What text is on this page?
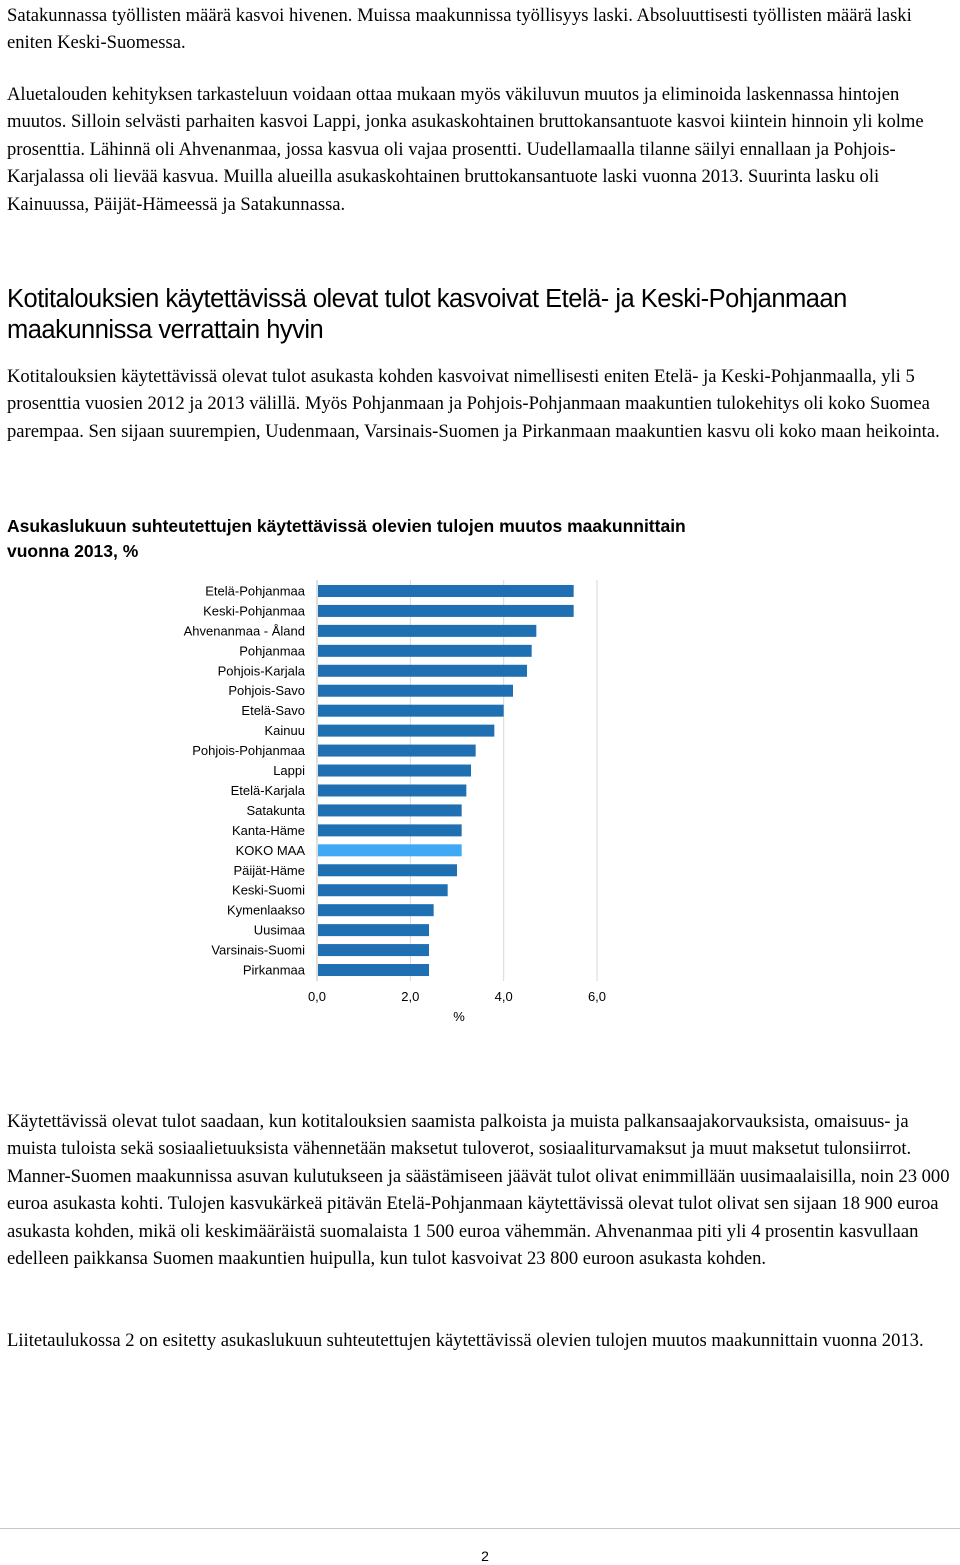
Satakunnassa työllisten määrä kasvoi hivenen. Muissa maakunnissa työllisyys laski. Absoluuttisesti työllisten määrä laski eniten Keski-Suomessa.

Aluetalouden kehityksen tarkasteluun voidaan ottaa mukaan myös väkiluvun muutos ja eliminoida laskennassa hintojen muutos. Silloin selvästi parhaiten kasvoi Lappi, jonka asukaskohtainen bruttokansantuote kasvoi kiintein hinnoin yli kolme prosenttia. Lähinnä oli Ahvenanmaa, jossa kasvua oli vajaa prosentti. Uudellamaalla tilanne säilyi ennallaan ja Pohjois-Karjalassa oli lievää kasvua. Muilla alueilla asukaskohtainen bruttokansantuote laski vuonna 2013. Suurinta lasku oli Kainuussa, Päijät-Hämeessä ja Satakunnassa.

Kotitalouksien käytettävissä olevat tulot kasvoivat Etelä- ja Keski-Pohjanmaan maakunnissa verrattain hyvin

Kotitalouksien käytettävissä olevat tulot asukasta kohden kasvoivat nimellisesti eniten Etelä- ja Keski-Pohjanmaalla, yli 5 prosenttia vuosien 2012 ja 2013 välillä. Myös Pohjanmaan ja Pohjois-Pohjanmaan maakuntien tulokehitys oli koko Suomea parempaa. Sen sijaan suurempien, Uudenmaan, Varsinais-Suomen ja Pirkanmaan maakuntien kasvu oli koko maan heikointa.

Asukaslukuun suhteutettujen käytettävissä olevien tulojen muutos maakunnittain vuonna 2013, %

Käytettävissä olevat tulot saadaan, kun kotitalouksien saamista palkoista ja muista palkansaajakorvauksista, omaisuus- ja muista tuloista sekä sosiaalietuuksista vähennetään maksetut tuloverot, sosiaaliturvamaksut ja muut maksetut tulonsiirrot. Manner-Suomen maakunnissa asuvan kulutukseen ja säästämiseen jäävät tulot olivat enimmillään uusimaalaisilla, noin 23 000 euroa asukasta kohti. Tulojen kasvukärkeä pitävän Etelä-Pohjanmaan käytettävissä olevat tulot olivat sen sijaan 18 900 euroa asukasta kohden, mikä oli keskimääräistä suomalaista 1 500 euroa vähemmän. Ahvenanmaa piti yli 4 prosentin kasvullaan edelleen paikkansa Suomen maakuntien huipulla, kun tulot kasvoivat 23 800 euroon asukasta kohden.

Liitetaulukossa 2 on esitetty asukaslukuun suhteutettujen käytettävissä olevien tulojen muutos maakunnittain vuonna 2013.

Etelä-Pohjanmaa
Keski-Pohjanmaa
Ahvenanmaa - Åland
Pohjanmaa
Pohjois-Karjala
Pohjois-Savo
Etelä-Savo
Kainuu
Pohjois-Pohjanmaa
Lappi
Etelä-Karjala
Satakunta
Kanta-Häme
KOKO MAA
Päijät-Häme
Keski-Suomi
Kymenlaakso
Uusimaa
Varsinais-Suomi
Pirkanmaa
0,0	2,0	4,0	6,0
%
2
